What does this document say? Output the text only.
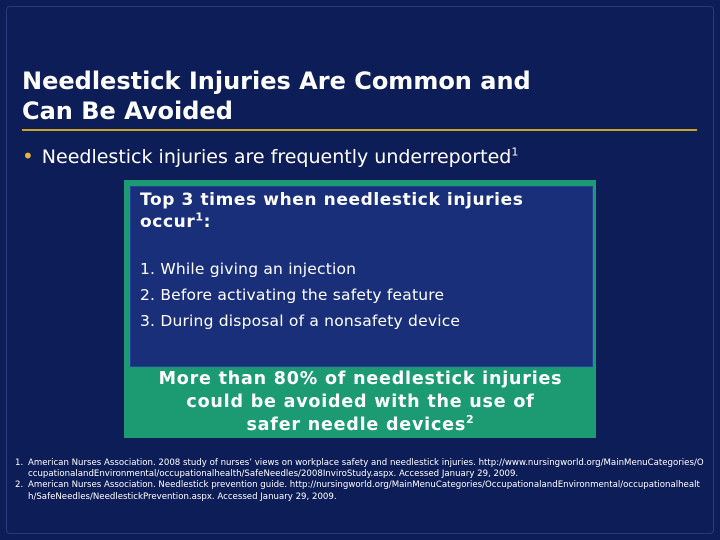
Needlestick Injuries Are Common and
Can Be Avoided
• Needlestick injuries are frequently underreported$^1$
Top 3 times when needlestick injuries
occur$^1$:
1. While giving an injection
2. Before activating the safety feature
3. During disposal of a nonsafety device
More than 80% of needlestick injuries
could be avoided with the use of
safer needle devices$^2$
1. American Nurses Association. 2008 study of nurses’ views on workplace safety and needlestick injuries. http://www.nursingworld.org/MainMenuCategories/OccupationalandEnvironmental/occupationalhealth/SafeNeedles/2008InviroStudy.aspx. Accessed January 29, 2009.
2. American Nurses Association. Needlestick prevention guide. http://nursingworld.org/MainMenuCategories/OccupationalandEnvironmental/occupationalhealth/SafeNeedles/NeedlestickPrevention.aspx. Accessed January 29, 2009.
